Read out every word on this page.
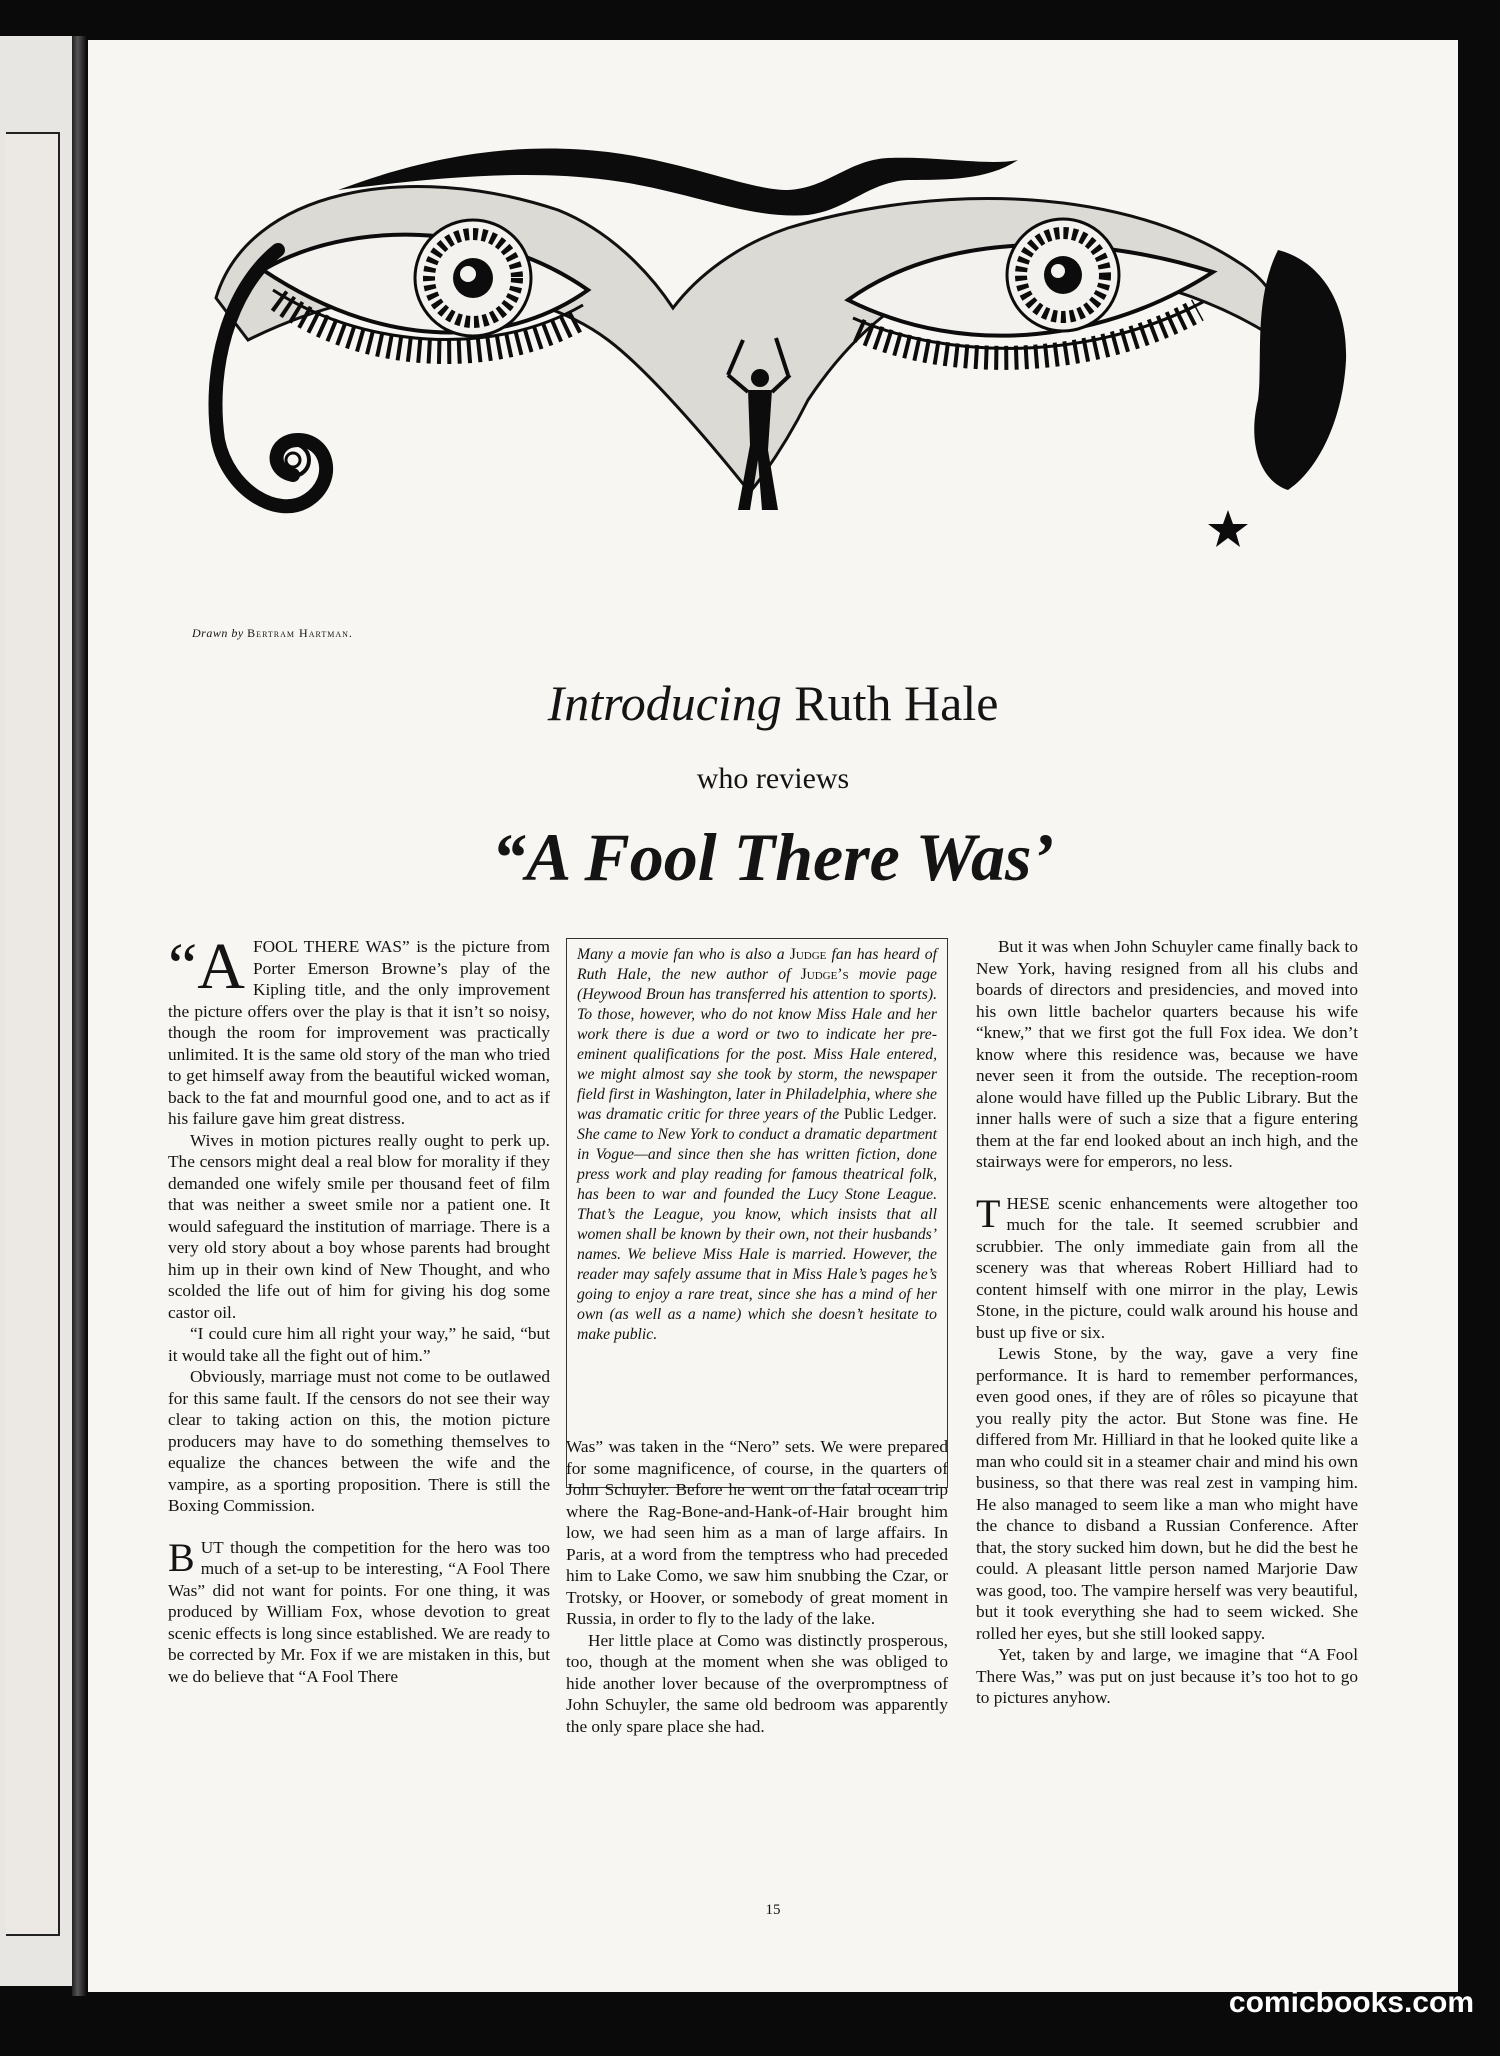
Drawn by Bertram Hartman.
Introducing Ruth Hale
who reviews
“A Fool There Was’

“A FOOL THERE WAS” is the picture from Porter Emerson Browne’s play of the Kipling title, and the only improvement the picture offers over the play is that it isn’t so noisy, though the room for improvement was practically unlimited. It is the same old story of the man who tried to get himself away from the beautiful wicked woman, back to the fat and mournful good one, and to act as if his failure gave him great distress.

Wives in motion pictures really ought to perk up. The censors might deal a real blow for morality if they demanded one wifely smile per thousand feet of film that was neither a sweet smile nor a patient one. It would safeguard the institution of marriage. There is a very old story about a boy whose parents had brought him up in their own kind of New Thought, and who scolded the life out of him for giving his dog some castor oil.

“I could cure him all right your way,” he said, “but it would take all the fight out of him.”

Obviously, marriage must not come to be outlawed for this same fault. If the censors do not see their way clear to taking action on this, the motion picture producers may have to do something themselves to equalize the chances between the wife and the vampire, as a sporting proposition. There is still the Boxing Commission.

BUT though the competition for the hero was too much of a set-up to be interesting, “A Fool There Was” did not want for points. For one thing, it was produced by William Fox, whose devotion to great scenic effects is long since established. We are ready to be corrected by Mr. Fox if we are mistaken in this, but we do believe that “A Fool There

Many a movie fan who is also a Judge fan has heard of Ruth Hale, the new author of Judge’s movie page (Heywood Broun has transferred his attention to sports). To those, however, who do not know Miss Hale and her work there is due a word or two to indicate her pre-eminent qualifications for the post. Miss Hale entered, we might almost say she took by storm, the newspaper field first in Washington, later in Philadelphia, where she was dramatic critic for three years of the Public Ledger. She came to New York to conduct a dramatic department in Vogue—and since then she has written fiction, done press work and play reading for famous theatrical folk, has been to war and founded the Lucy Stone League. That’s the League, you know, which insists that all women shall be known by their own, not their husbands’ names. We believe Miss Hale is married. However, the reader may safely assume that in Miss Hale’s pages he’s going to enjoy a rare treat, since she has a mind of her own (as well as a name) which she doesn’t hesitate to make public.

Was” was taken in the “Nero” sets. We were prepared for some magnificence, of course, in the quarters of John Schuyler. Before he went on the fatal ocean trip where the Rag-Bone-and-Hank-of-Hair brought him low, we had seen him as a man of large affairs. In Paris, at a word from the temptress who had preceded him to Lake Como, we saw him snubbing the Czar, or Trotsky, or Hoover, or somebody of great moment in Russia, in order to fly to the lady of the lake.

Her little place at Como was distinctly prosperous, too, though at the moment when she was obliged to hide another lover because of the overpromptness of John Schuyler, the same old bedroom was apparently the only spare place she had.

But it was when John Schuyler came finally back to New York, having resigned from all his clubs and boards of directors and presidencies, and moved into his own little bachelor quarters because his wife “knew,” that we first got the full Fox idea. We don’t know where this residence was, because we have never seen it from the outside. The reception-room alone would have filled up the Public Library. But the inner halls were of such a size that a figure entering them at the far end looked about an inch high, and the stairways were for emperors, no less.

THESE scenic enhancements were altogether too much for the tale. It seemed scrubbier and scrubbier. The only immediate gain from all the scenery was that whereas Robert Hilliard had to content himself with one mirror in the play, Lewis Stone, in the picture, could walk around his house and bust up five or six.

Lewis Stone, by the way, gave a very fine performance. It is hard to remember performances, even good ones, if they are of rôles so picayune that you really pity the actor. But Stone was fine. He differed from Mr. Hilliard in that he looked quite like a man who could sit in a steamer chair and mind his own business, so that there was real zest in vamping him. He also managed to seem like a man who might have the chance to disband a Russian Conference. After that, the story sucked him down, but he did the best he could. A pleasant little person named Marjorie Daw was good, too. The vampire herself was very beautiful, but it took everything she had to seem wicked. She rolled her eyes, but she still looked sappy.

Yet, taken by and large, we imagine that “A Fool There Was,” was put on just because it’s too hot to go to pictures anyhow.

15
comicbooks.com
